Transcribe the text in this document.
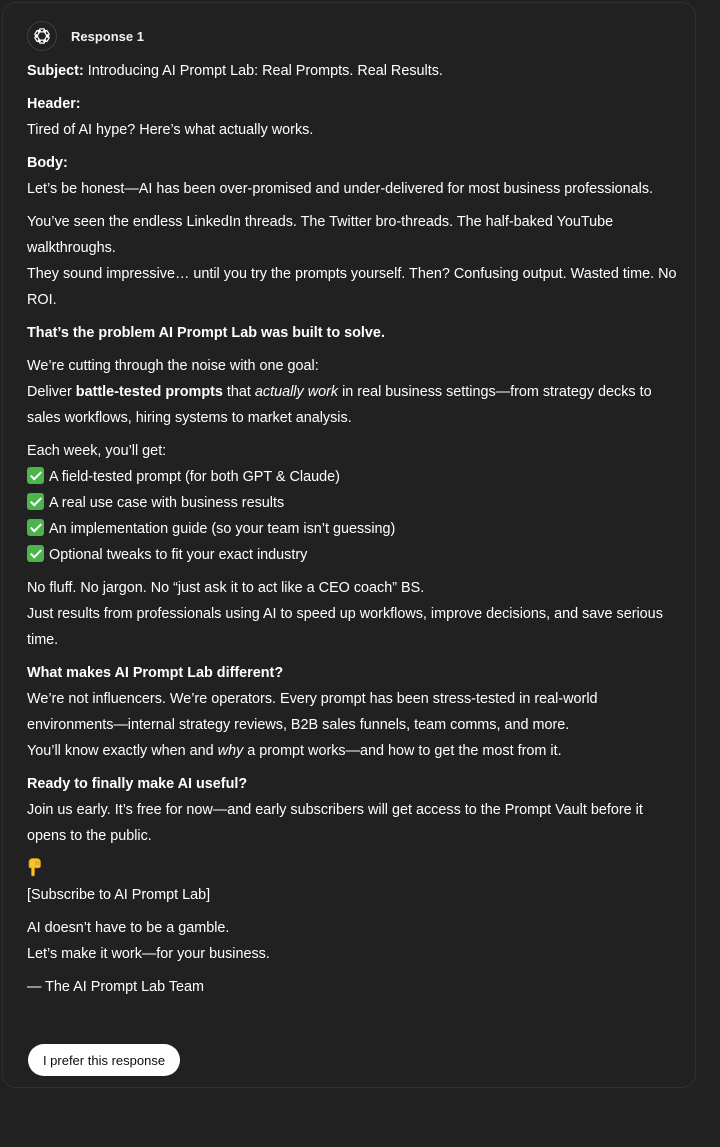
Response 1

Subject: Introducing AI Prompt Lab: Real Prompts. Real Results.

Header:
Tired of AI hype? Here’s what actually works.

Body:
Let’s be honest—AI has been over-promised and under-delivered for most business professionals.

You’ve seen the endless LinkedIn threads. The Twitter bro-threads. The half-baked YouTube walkthroughs.
They sound impressive… until you try the prompts yourself. Then? Confusing output. Wasted time. No ROI.

That’s the problem AI Prompt Lab was built to solve.

We’re cutting through the noise with one goal:
Deliver battle-tested prompts that actually work in real business settings—from strategy decks to sales workflows, hiring systems to market analysis.

Each week, you’ll get:
A field-tested prompt (for both GPT & Claude)
A real use case with business results
An implementation guide (so your team isn’t guessing)
Optional tweaks to fit your exact industry

No fluff. No jargon. No “just ask it to act like a CEO coach” BS.
Just results from professionals using AI to speed up workflows, improve decisions, and save serious time.

What makes AI Prompt Lab different?
We’re not influencers. We’re operators. Every prompt has been stress-tested in real-world environments—internal strategy reviews, B2B sales funnels, team comms, and more.
You’ll know exactly when and why a prompt works—and how to get the most from it.

Ready to finally make AI useful?
Join us early. It’s free for now—and early subscribers will get access to the Prompt Vault before it opens to the public.

[Subscribe to AI Prompt Lab]

AI doesn’t have to be a gamble.
Let’s make it work—for your business.

— The AI Prompt Lab Team

I prefer this response
